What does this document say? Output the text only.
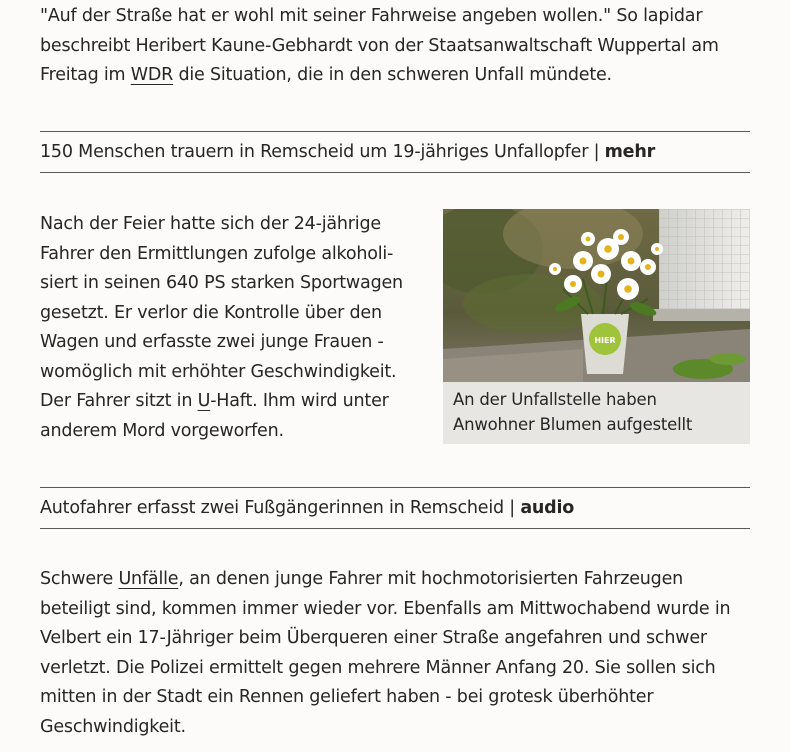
"Auf der Straße hat er wohl mit seiner Fahrweise angeben wollen." So lapidar beschreibt Heribert Kaune-Gebhardt von der Staatsanwaltschaft Wuppertal am Freitag im WDR die Situation, die in den schweren Unfall mündete.

150 Menschen trauern in Remscheid um 19-jähriges Unfallopfer | mehr

Nach der Feier hatte sich der 24-jährige

Fahrer den Ermittlungen zufolge alkoholi-

siert in seinen 640 PS starken Sportwagen

gesetzt. Er verlor die Kontrolle über den

Wagen und erfasste zwei junge Frauen -

womöglich mit erhöhter Geschwindigkeit.

Der Fahrer sitzt in U-Haft. Ihm wird unter

anderem Mord vorgeworfen.

HIER
An der Unfallstelle haben
Anwohner Blumen aufgestellt
Autofahrer erfasst zwei Fußgängerinnen in Remscheid | audio

Schwere Unfälle, an denen junge Fahrer mit hochmotorisierten Fahrzeugen beteiligt sind, kommen immer wieder vor. Ebenfalls am Mittwochabend wurde in Velbert ein 17-Jähriger beim Überqueren einer Straße angefahren und schwer verletzt. Die Polizei ermittelt gegen mehrere Männer Anfang 20. Sie sollen sich mitten in der Stadt ein Rennen geliefert haben - bei grotesk überhöhter Geschwindigkeit.
